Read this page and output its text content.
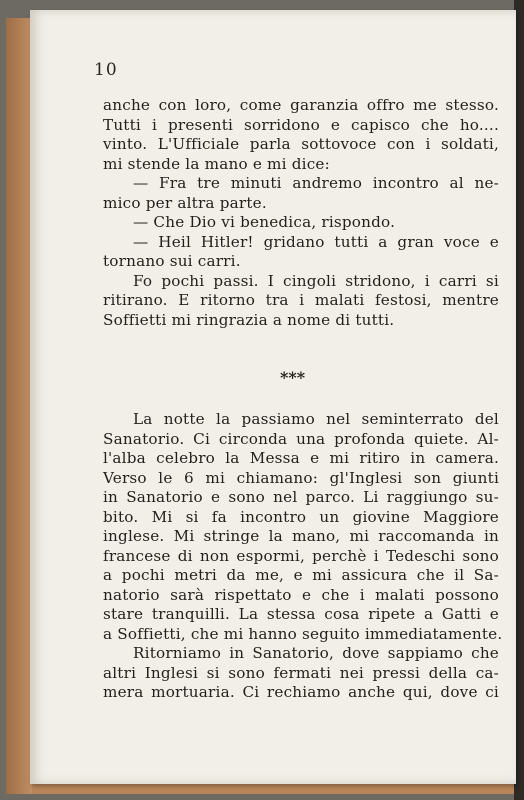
10
anche con loro, come garanzia offro me stesso.
Tutti i presenti sorridono e capisco che ho....
vinto. L'Ufficiale parla sottovoce con i soldati,
mi stende la mano e mi dice:
— Fra tre minuti andremo incontro al ne-
mico per altra parte.
— Che Dio vi benedica, rispondo.
— Heil Hitler! gridano tutti a gran voce e
tornano sui carri.
Fo pochi passi. I cingoli stridono, i carri si
ritirano. E ritorno tra i malati festosi, mentre
Soffietti mi ringrazia a nome di tutti.
***
La notte la passiamo nel seminterrato del
Sanatorio. Ci circonda una profonda quiete. Al-
l'alba celebro la Messa e mi ritiro in camera.
Verso le 6 mi chiamano: gl'Inglesi son giunti
in Sanatorio e sono nel parco. Li raggiungo su-
bito. Mi si fa incontro un giovine Maggiore
inglese. Mi stringe la mano, mi raccomanda in
francese di non espormi, perchè i Tedeschi sono
a pochi metri da me, e mi assicura che il Sa-
natorio sarà rispettato e che i malati possono
stare tranquilli. La stessa cosa ripete a Gatti e
a Soffietti, che mi hanno seguito immediatamente.
Ritorniamo in Sanatorio, dove sappiamo che
altri Inglesi si sono fermati nei pressi della ca-
mera mortuaria. Ci rechiamo anche qui, dove ci
